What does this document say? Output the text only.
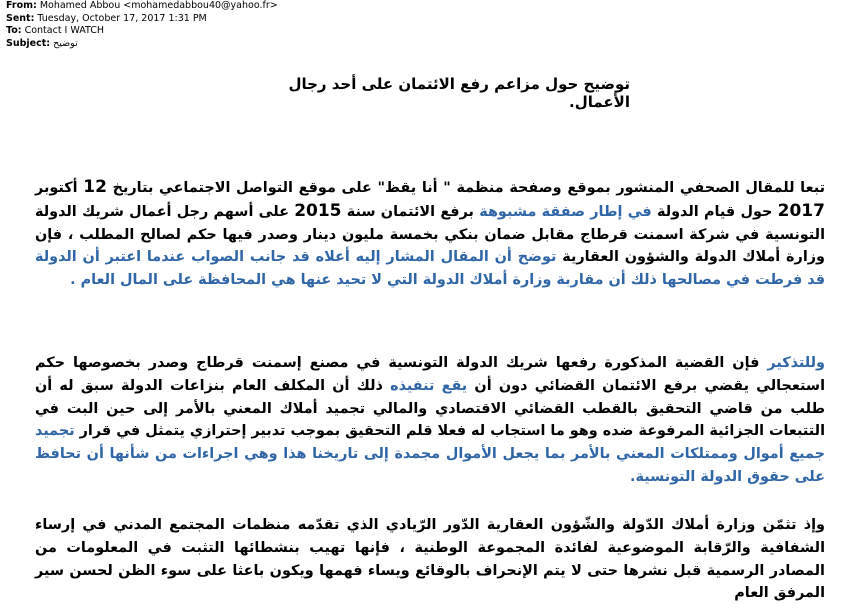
From: Mohamed Abbou <mohamedabbou40@yahoo.fr>
Sent: Tuesday, October 17, 2017 1:31 PM
To: Contact I WATCH
Subject: توضيح
توضيح حول مزاعم رفع الائتمان على أحد رجال الأعمال.

تبعا للمقال الصحفي المنشور بموقع وصفحة منظمة " أنا يقظ" على موقع التواصل الاجتماعي بتاريخ 12 أكتوبر 2017 حول قيام الدولة في إطار صفقة مشبوهة برفع الائتمان سنة 2015 على أسهم رجل أعمال شريك الدولة التونسية في شركة اسمنت قرطاج مقابل ضمان بنكي بخمسة مليون دينار وصدر فيها حكم لصالح المطلب ، فإن وزارة أملاك الدولة والشؤون العقارية توضح أن المقال المشار إليه أعلاه قد جانب الصواب عندما اعتبر أن الدولة قد فرطت في مصالحها ذلك أن مقاربة وزارة أملاك الدولة التي لا تحيد عنها هي المحافظة على المال العام .

وللتذكير فإن القضية المذكورة رفعها شريك الدولة التونسية في مصنع إسمنت قرطاج وصدر بخصوصها حكم استعجالي يقضي برفع الائتمان القضائي دون أن يقع تنفيذه ذلك أن المكلف العام بنزاعات الدولة سبق له أن طلب من قاضي التحقيق بالقطب القضائي الاقتصادي والمالي تجميد أملاك المعني بالأمر إلى حين البت في التتبعات الجزائية المرفوعة ضده وهو ما استجاب له فعلا قلم التحقيق بموجب تدبير إحترازي يتمثل في قرار تجميد جميع أموال وممتلكات المعني بالأمر بما يجعل الأموال مجمدة إلى تاريخنا هذا وهي اجراءات من شأنها أن تحافظ على حقوق الدولة التونسية.

وإذ تثمّن وزارة أملاك الدّولة والشّؤون العقارية الدّور الرّيادي الذي تقدّمه منظمات المجتمع المدني في إرساء الشفافية والرّقابة الموضوعية لفائدة المجموعة الوطنية ، فإنها تهيب بنشطائها التثبت في المعلومات من المصادر الرسمية قبل نشرها حتى لا يتم الإنحراف بالوقائع ويساء فهمها ويكون باعثا على سوء الظن لحسن سير المرفق العام
